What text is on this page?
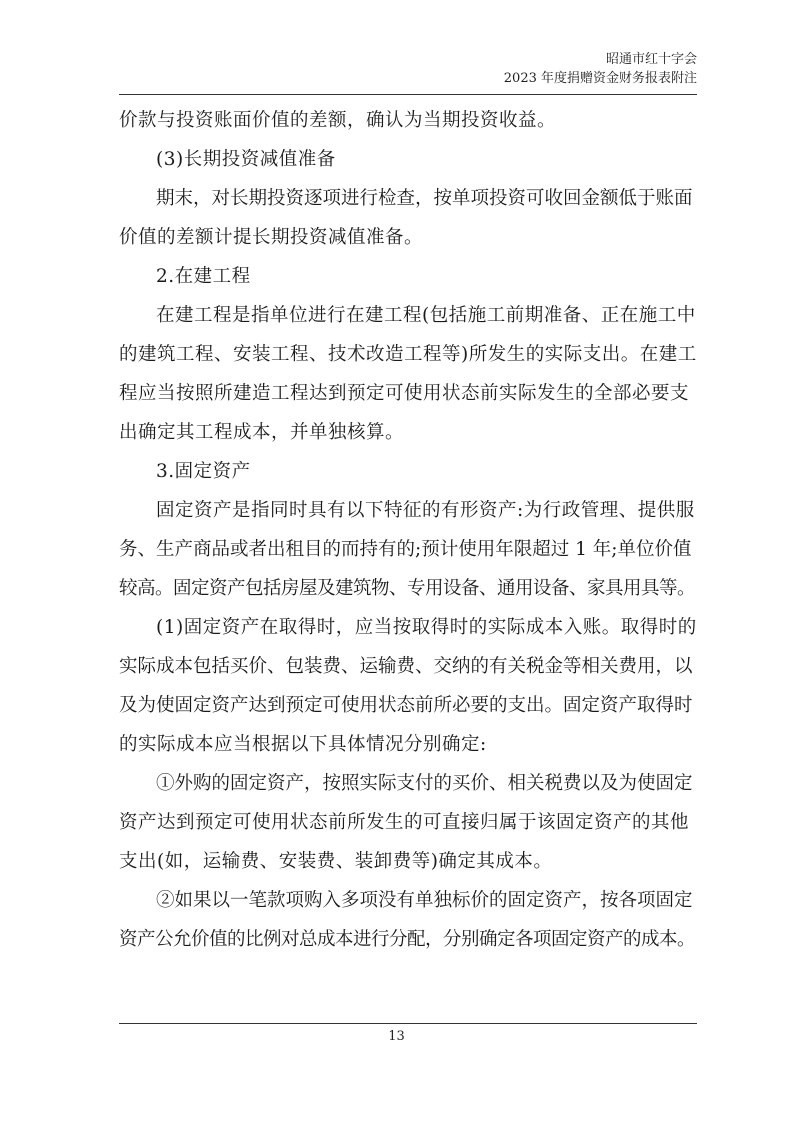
昭通市红十字会
2023 年度捐赠资金财务报表附注

价款与投资账面价值的差额，确认为当期投资收益。

(3)长期投资减值准备

期末，对长期投资逐项进行检查，按单项投资可收回金额低于账面

价值的差额计提长期投资减值准备。

2.在建工程

在建工程是指单位进行在建工程(包括施工前期准备、正在施工中

的建筑工程、安装工程、技术改造工程等)所发生的实际支出。在建工

程应当按照所建造工程达到预定可使用状态前实际发生的全部必要支

出确定其工程成本，并单独核算。

3.固定资产

固定资产是指同时具有以下特征的有形资产:为行政管理、提供服

务、生产商品或者出租目的而持有的;预计使用年限超过 1 年;单位价值

较高。固定资产包括房屋及建筑物、专用设备、通用设备、家具用具等。

(1)固定资产在取得时，应当按取得时的实际成本入账。取得时的

实际成本包括买价、包装费、运输费、交纳的有关税金等相关费用，以

及为使固定资产达到预定可使用状态前所必要的支出。固定资产取得时

的实际成本应当根据以下具体情况分别确定:

①外购的固定资产，按照实际支付的买价、相关税费以及为使固定

资产达到预定可使用状态前所发生的可直接归属于该固定资产的其他

支出(如，运输费、安装费、装卸费等)确定其成本。

②如果以一笔款项购入多项没有单独标价的固定资产，按各项固定

资产公允价值的比例对总成本进行分配，分别确定各项固定资产的成本。

13
